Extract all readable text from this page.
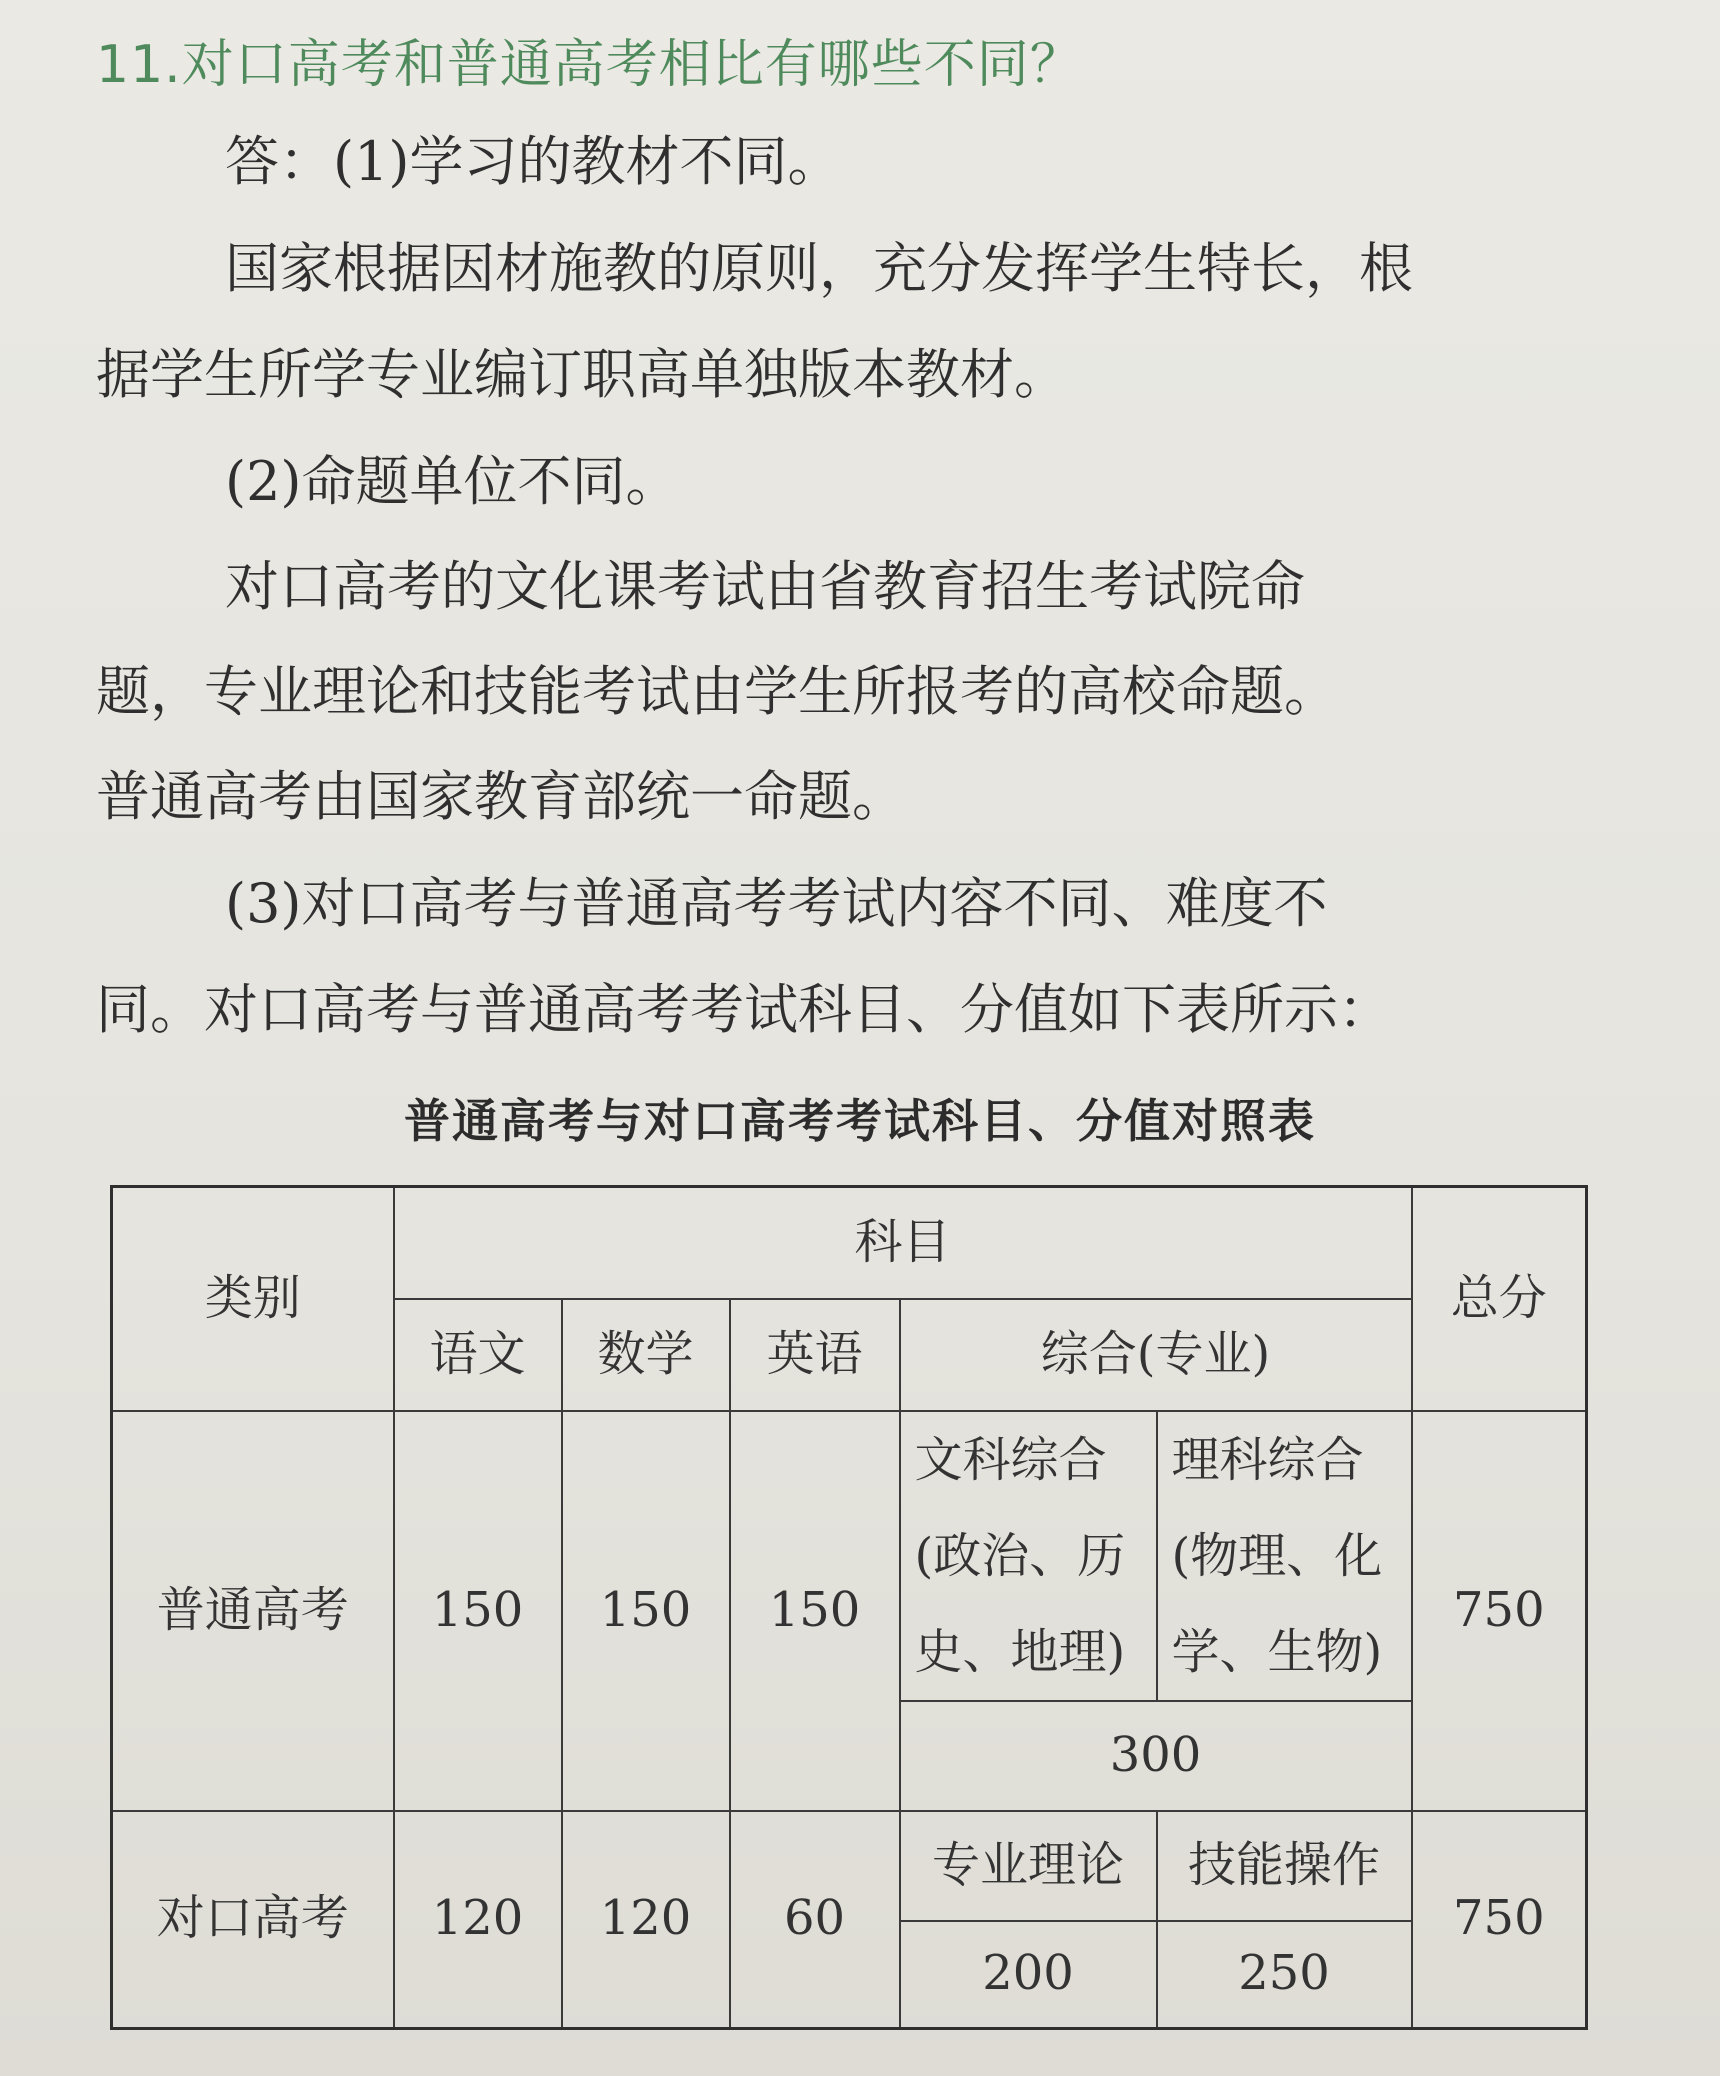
11.对口高考和普通高考相比有哪些不同？
答：(1)学习的教材不同。
国家根据因材施教的原则，充分发挥学生特长，根
据学生所学专业编订职高单独版本教材。
(2)命题单位不同。
对口高考的文化课考试由省教育招生考试院命
题，专业理论和技能考试由学生所报考的高校命题。
普通高考由国家教育部统一命题。
(3)对口高考与普通高考考试内容不同、难度不
同。对口高考与普通高考考试科目、分值如下表所示：
普通高考与对口高考考试科目、分值对照表
类别	科目					总分
	语文	数学	英语	综合(专业)		
普通高考	150	150	150	文科综合(政治、历史、地理)	理科综合(物理、化学、生物)	750
				300		
对口高考	120	120	60	专业理论	技能操作	750
				200	250	
